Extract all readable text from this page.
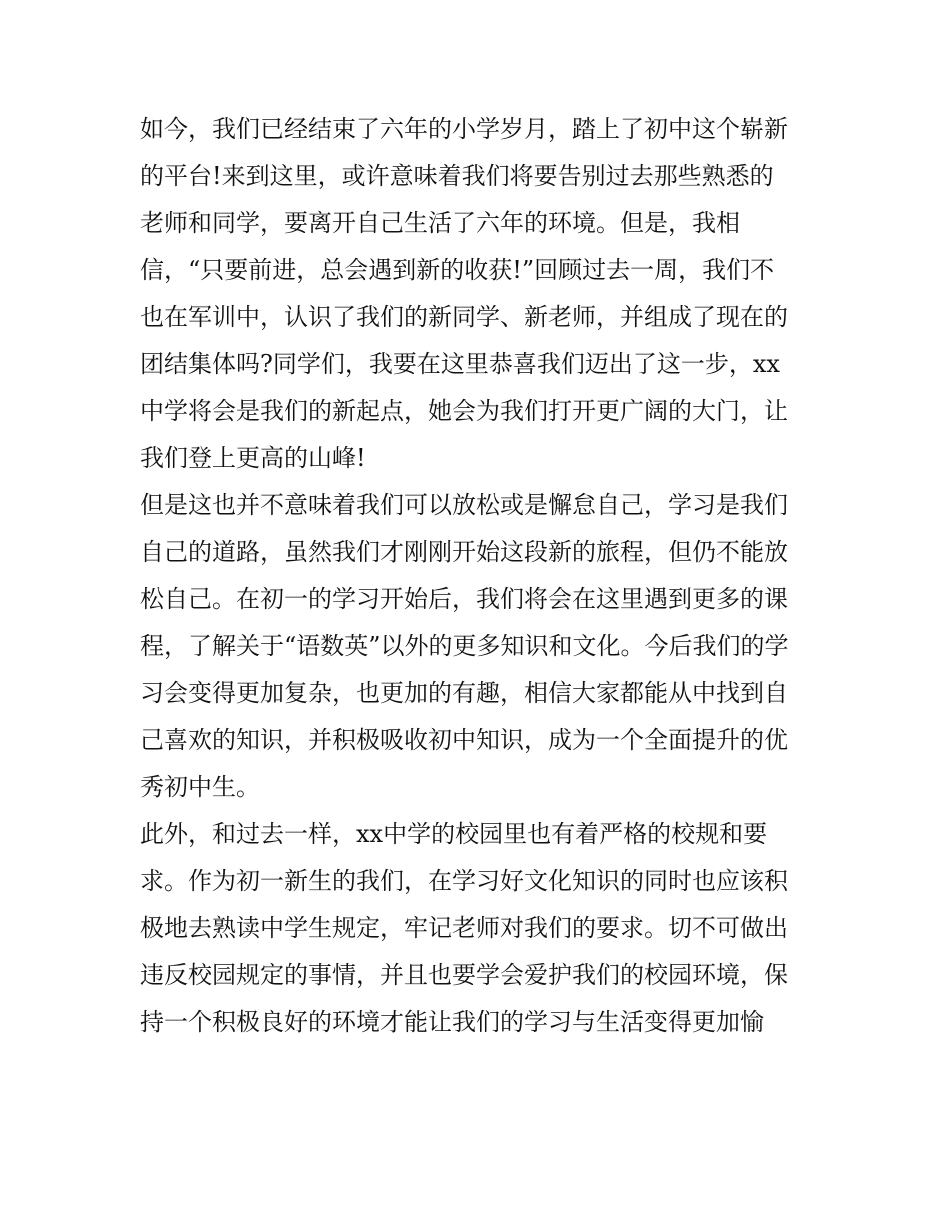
如今，我们已经结束了六年的小学岁月，踏上了初中这个崭新
的平台!来到这里，或许意味着我们将要告别过去那些熟悉的
老师和同学，要离开自己生活了六年的环境。但是，我相
信，“只要前进，总会遇到新的收获!”回顾过去一周，我们不
也在军训中，认识了我们的新同学、新老师，并组成了现在的
团结集体吗?同学们，我要在这里恭喜我们迈出了这一步，xx
中学将会是我们的新起点，她会为我们打开更广阔的大门，让
我们登上更高的山峰!
但是这也并不意味着我们可以放松或是懈怠自己，学习是我们
自己的道路，虽然我们才刚刚开始这段新的旅程，但仍不能放
松自己。在初一的学习开始后，我们将会在这里遇到更多的课
程，了解关于“语数英”以外的更多知识和文化。今后我们的学
习会变得更加复杂，也更加的有趣，相信大家都能从中找到自
己喜欢的知识，并积极吸收初中知识，成为一个全面提升的优
秀初中生。
此外，和过去一样，xx中学的校园里也有着严格的校规和要
求。作为初一新生的我们，在学习好文化知识的同时也应该积
极地去熟读中学生规定，牢记老师对我们的要求。切不可做出
违反校园规定的事情，并且也要学会爱护我们的校园环境，保
持一个积极良好的环境才能让我们的学习与生活变得更加愉
